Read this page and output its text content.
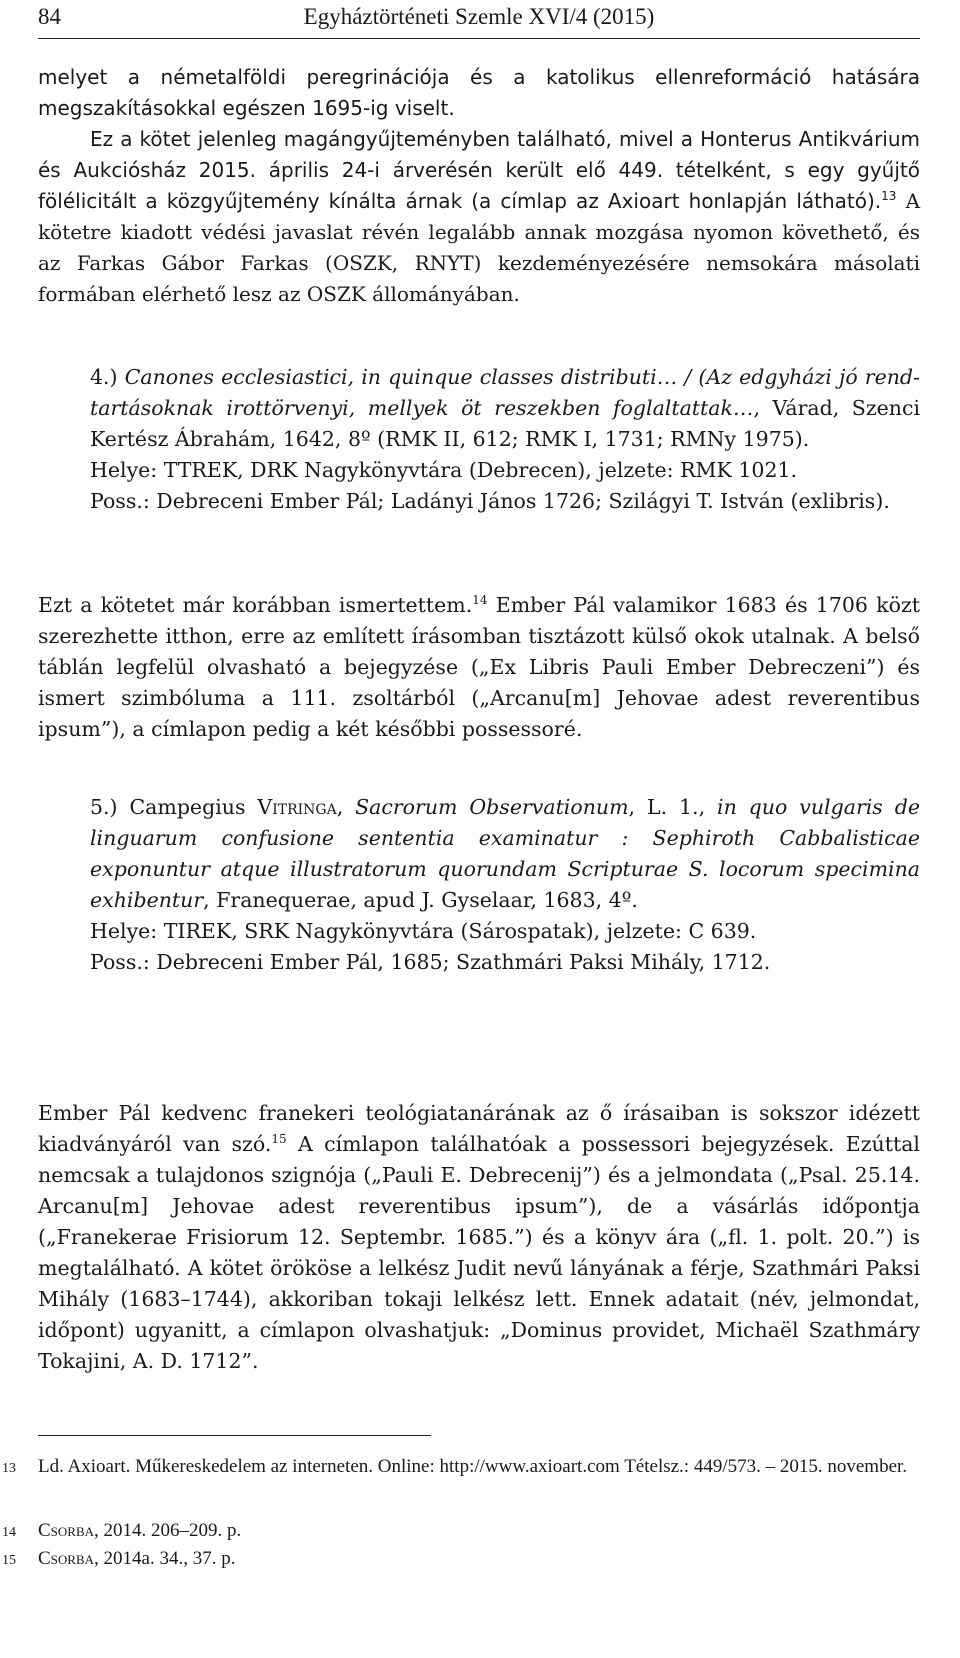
84	Egyháztörténeti Szemle XVI/4 (2015)

melyet a németalföldi peregrinációja és a katolikus ellenreformáció hatására megszakításokkal egészen 1695-ig viselt.

Ez a kötet jelenleg magángyűjteményben található, mivel a Honterus Antikvárium és Aukciósház 2015. április 24-i árverésén került elő 449. tételként, s egy gyűjtő fölélicitált a közgyűjtemény kínálta árnak (a címlap az Axioart honlapján látható).$^{13}$ A kötetre kiadott védési javaslat révén legalább annak mozgása nyomon követhető, és az Farkas Gábor Farkas (OSZK, RNYT) kezdeményezésére nemsokára másolati formában elérhető lesz az OSZK állományában.

4.) Canones ecclesiastici, in quinque classes distributi… / (Az edgyházi jó rend-tartásoknak irottörvenyi, mellyek öt reszekben foglaltattak…, Várad, Szenci Kertész Ábrahám, 1642, 8º (RMK II, 612; RMK I, 1731; RMNy 1975).

Helye: TTREK, DRK Nagykönyvtára (Debrecen), jelzete: RMK 1021.

Poss.: Debreceni Ember Pál; Ladányi János 1726; Szilágyi T. István (exlibris).

Ezt a kötetet már korábban ismertettem.$^{14}$ Ember Pál valamikor 1683 és 1706 közt szerezhette itthon, erre az említett írásomban tisztázott külső okok utalnak. A belső táblán legfelül olvasható a bejegyzése („Ex Libris Pauli Ember Debreczeni”) és ismert szimbóluma a 111. zsoltárból („Arcanu[m] Jehovae adest reverentibus ipsum”), a címlapon pedig a két későbbi possessoré.

5.) Campegius Vitringa, Sacrorum Observationum, L. 1., in quo vulgaris de linguarum confusione sententia examinatur : Sephiroth Cabbalisticae exponuntur atque illustratorum quorundam Scripturae S. locorum specimina exhibentur, Franequerae, apud J. Gyselaar, 1683, 4º.

Helye: TIREK, SRK Nagykönyvtára (Sárospatak), jelzete: C 639.

Poss.: Debreceni Ember Pál, 1685; Szathmári Paksi Mihály, 1712.

Ember Pál kedvenc franekeri teológiatanárának az ő írásaiban is sokszor idézett kiadványáról van szó.$^{15}$ A címlapon találhatóak a possessori bejegyzések. Ezúttal nemcsak a tulajdonos szignója („Pauli E. Debrecenij”) és a jelmondata („Psal. 25.14. Arcanu[m] Jehovae adest reverentibus ipsum”), de a vásárlás időpontja („Franekerae Frisiorum 12. Septembr. 1685.”) és a könyv ára („fl. 1. polt. 20.”) is megtalálható. A kötet örököse a lelkész Judit nevű lányának a férje, Szathmári Paksi Mihály (1683–1744), akkoriban tokaji lelkész lett. Ennek adatait (név, jelmondat, időpont) ugyanitt, a címlapon olvashatjuk: „Dominus providet, Michaël Szathmáry Tokajini, A. D. 1712”.

13 Ld. Axioart. Műkereskedelem az interneten. Online: http://www.axioart.com Tételsz.: 449/573. – 2015. november.
14 Csorba, 2014. 206–209. p.
15 Csorba, 2014a. 34., 37. p.
